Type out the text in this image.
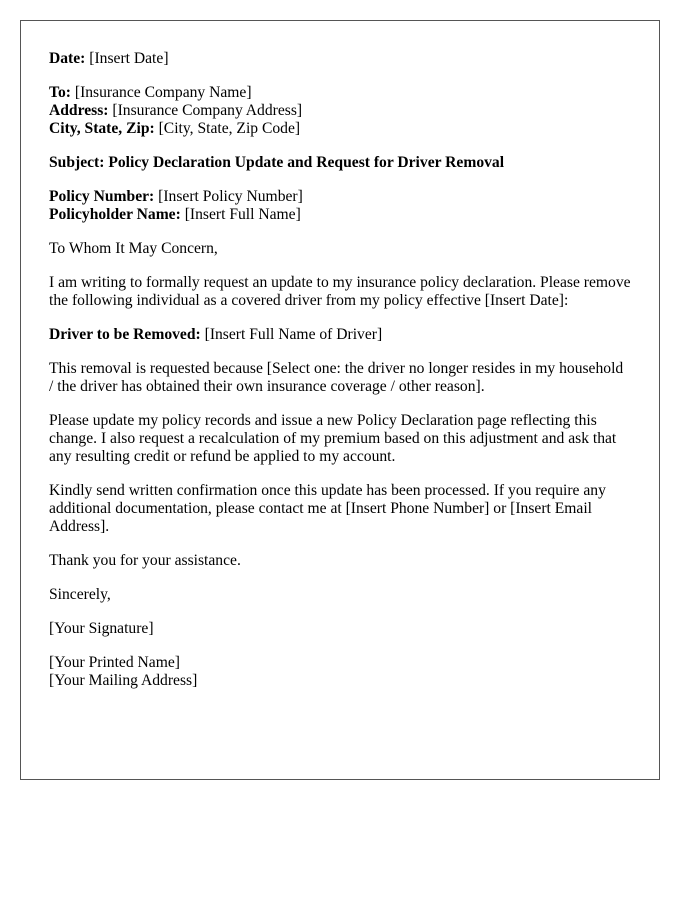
Date: [Insert Date]
To: [Insurance Company Name]
Address: [Insurance Company Address]
City, State, Zip: [City, State, Zip Code]
Subject: Policy Declaration Update and Request for Driver Removal
Policy Number: [Insert Policy Number]
Policyholder Name: [Insert Full Name]

To Whom It May Concern,

I am writing to formally request an update to my insurance policy declaration. Please remove the following individual as a covered driver from my policy effective [Insert Date]:

Driver to be Removed: [Insert Full Name of Driver]

This removal is requested because [Select one: the driver no longer resides in my household / the driver has obtained their own insurance coverage / other reason].

Please update my policy records and issue a new Policy Declaration page reflecting this change. I also request a recalculation of my premium based on this adjustment and ask that any resulting credit or refund be applied to my account.

Kindly send written confirmation once this update has been processed. If you require any additional documentation, please contact me at [Insert Phone Number] or [Insert Email Address].

Thank you for your assistance.

Sincerely,

[Your Signature]

[Your Printed Name]
[Your Mailing Address]
